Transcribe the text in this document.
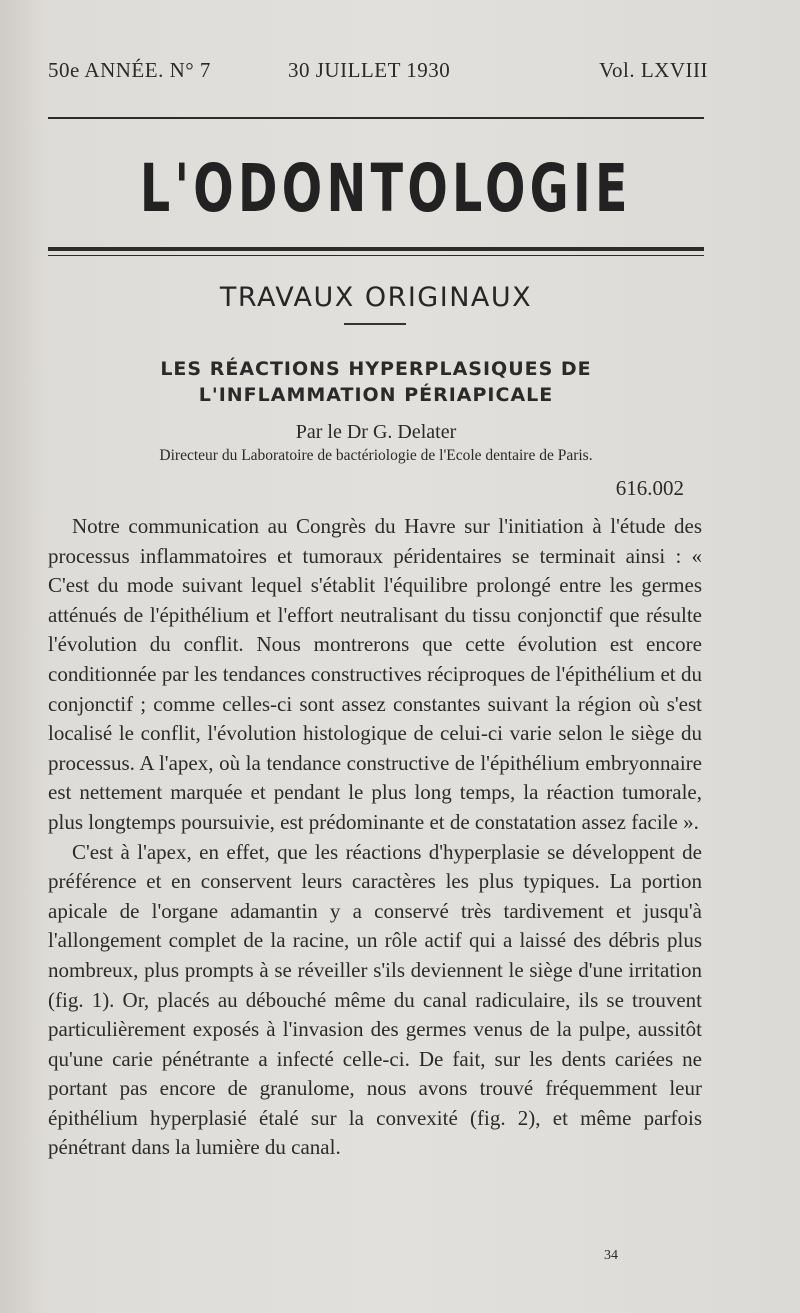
50e ANNÉE. N° 7	30 JUILLET 1930	Vol. LXVIII
L'ODONTOLOGIE
TRAVAUX ORIGINAUX
LES RÉACTIONS HYPERPLASIQUES DE
L'INFLAMMATION PÉRIAPICALE
Par le Dr G. Delater
Directeur du Laboratoire de bactériologie de l'Ecole dentaire de Paris.
616.002

Notre communication au Congrès du Havre sur l'initiation à l'étude des processus inflammatoires et tumoraux péridentaires se terminait ainsi : « C'est du mode suivant lequel s'établit l'équilibre prolongé entre les germes atténués de l'épithélium et l'effort neutralisant du tissu conjonctif que résulte l'évolution du conflit. Nous montrerons que cette évolution est encore conditionnée par les tendances constructives réciproques de l'épithélium et du conjonctif ; comme celles-ci sont assez constantes suivant la région où s'est localisé le conflit, l'évolution histologique de celui-ci varie selon le siège du processus. A l'apex, où la tendance constructive de l'épithélium embryonnaire est nettement marquée et pendant le plus long temps, la réaction tumorale, plus longtemps poursuivie, est prédominante et de constatation assez facile ».

C'est à l'apex, en effet, que les réactions d'hyperplasie se développent de préférence et en conservent leurs caractères les plus typiques. La portion apicale de l'organe adamantin y a conservé très tardivement et jusqu'à l'allongement complet de la racine, un rôle actif qui a laissé des débris plus nombreux, plus prompts à se réveiller s'ils deviennent le siège d'une irritation (fig. 1). Or, placés au débouché même du canal radiculaire, ils se trouvent particulièrement exposés à l'invasion des germes venus de la pulpe, aussitôt qu'une carie pénétrante a infecté celle-ci. De fait, sur les dents cariées ne portant pas encore de granulome, nous avons trouvé fréquemment leur épithélium hyperplasié étalé sur la convexité (fig. 2), et même parfois pénétrant dans la lumière du canal.

34
